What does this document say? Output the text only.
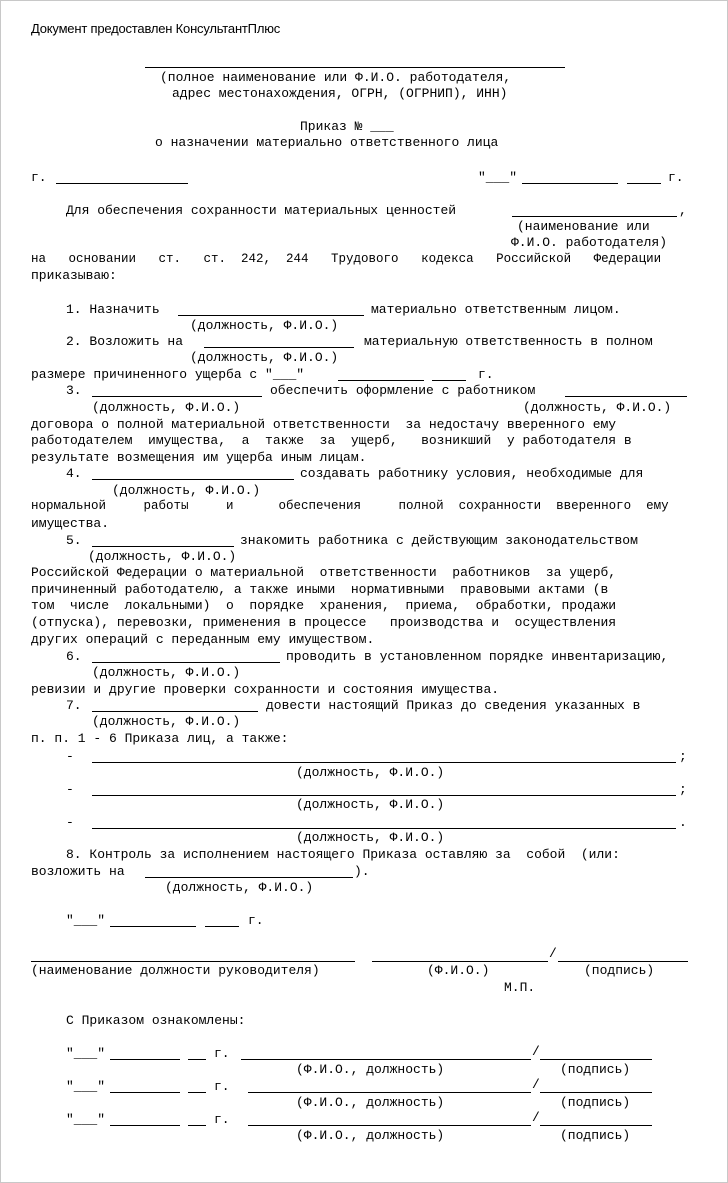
Документ предоставлен КонсультантПлюс
(полное наименование или Ф.И.О. работодателя,
адрес местонахождения, ОГРН, (ОГРНИП), ИНН)
Приказ № ___
о назначении материально ответственного лица
г.	"___"	г.
Для обеспечения сохранности материальных ценностей	,
(наименование или
Ф.И.О. работодателя)
на   основании   ст.   ст.  242,  244   Трудового   кодекса   Российской   Федерации
приказываю:
1. Назначить	материально ответственным лицом.
(должность, Ф.И.О.)
2. Возложить на	материальную ответственность в полном
(должность, Ф.И.О.)
размере причиненного ущерба с "___"	г.
3.	обеспечить оформление с работником
(должность, Ф.И.О.)	(должность, Ф.И.О.)
договора о полной материальной ответственности  за недостачу вверенного ему
работодателем  имущества,  а  также  за  ущерб,   возникший  у работодателя в
результате возмещения им ущерба иным лицам.
4.	создавать работнику условия, необходимые для
(должность, Ф.И.О.)
нормальной     работы     и      обеспечения     полной  сохранности  вверенного  ему
имущества.
5.	знакомить работника с действующим законодательством
(должность, Ф.И.О.)
Российской Федерации о материальной  ответственности  работников  за ущерб,
причиненный работодателю, а также иными  нормативными  правовыми актами (в
том  числе  локальными)  о  порядке  хранения,  приема,  обработки, продажи
(отпуска), перевозки, применения в процессе   производства и  осуществления
других операций с переданным ему имуществом.
6.	проводить в установленном порядке инвентаризацию,
(должность, Ф.И.О.)
ревизии и другие проверки сохранности и состояния имущества.
7.	довести настоящий Приказ до сведения указанных в
(должность, Ф.И.О.)
п. п. 1 - 6 Приказа лиц, а также:
-	;
(должность, Ф.И.О.)
-	;
(должность, Ф.И.О.)
-	.
(должность, Ф.И.О.)
8. Контроль за исполнением настоящего Приказа оставляю за  собой  (или:
возложить на	).
(должность, Ф.И.О.)
"___"	г.
/
(наименование должности руководителя)	(Ф.И.О.)	(подпись)
М.П.
С Приказом ознакомлены:
"___"	г.	/
(Ф.И.О., должность)	(подпись)
"___"	г.	/
(Ф.И.О., должность)	(подпись)
"___"	г.	/
(Ф.И.О., должность)	(подпись)
